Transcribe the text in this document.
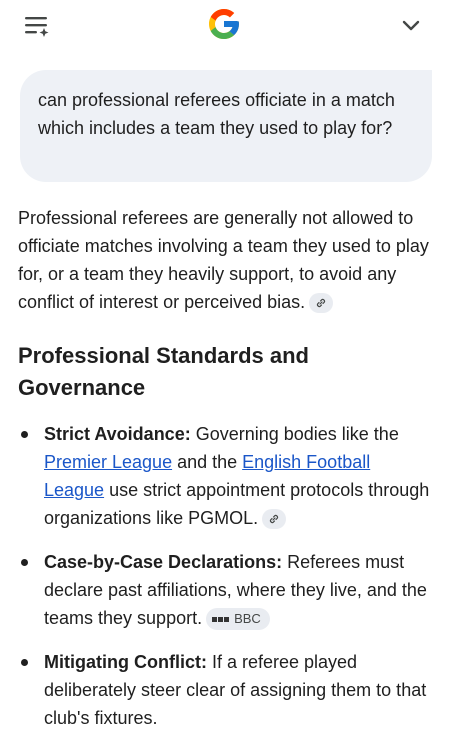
can professional referees officiate in a match which includes a team they used to play for?

Professional referees are generally not allowed to officiate matches involving a team they used to play for, or a team they heavily support, to avoid any conflict of interest or perceived bias.

Professional Standards and Governance
Strict Avoidance: Governing bodies like the Premier League and the English Football League use strict appointment protocols through organizations like PGMOL.
Case-by-Case Declarations: Referees must declare past affiliations, where they live, and the teams they support. BBC
Mitigating Conflict: If a referee played deliberately steer clear of assigning them to that club's fixtures.
